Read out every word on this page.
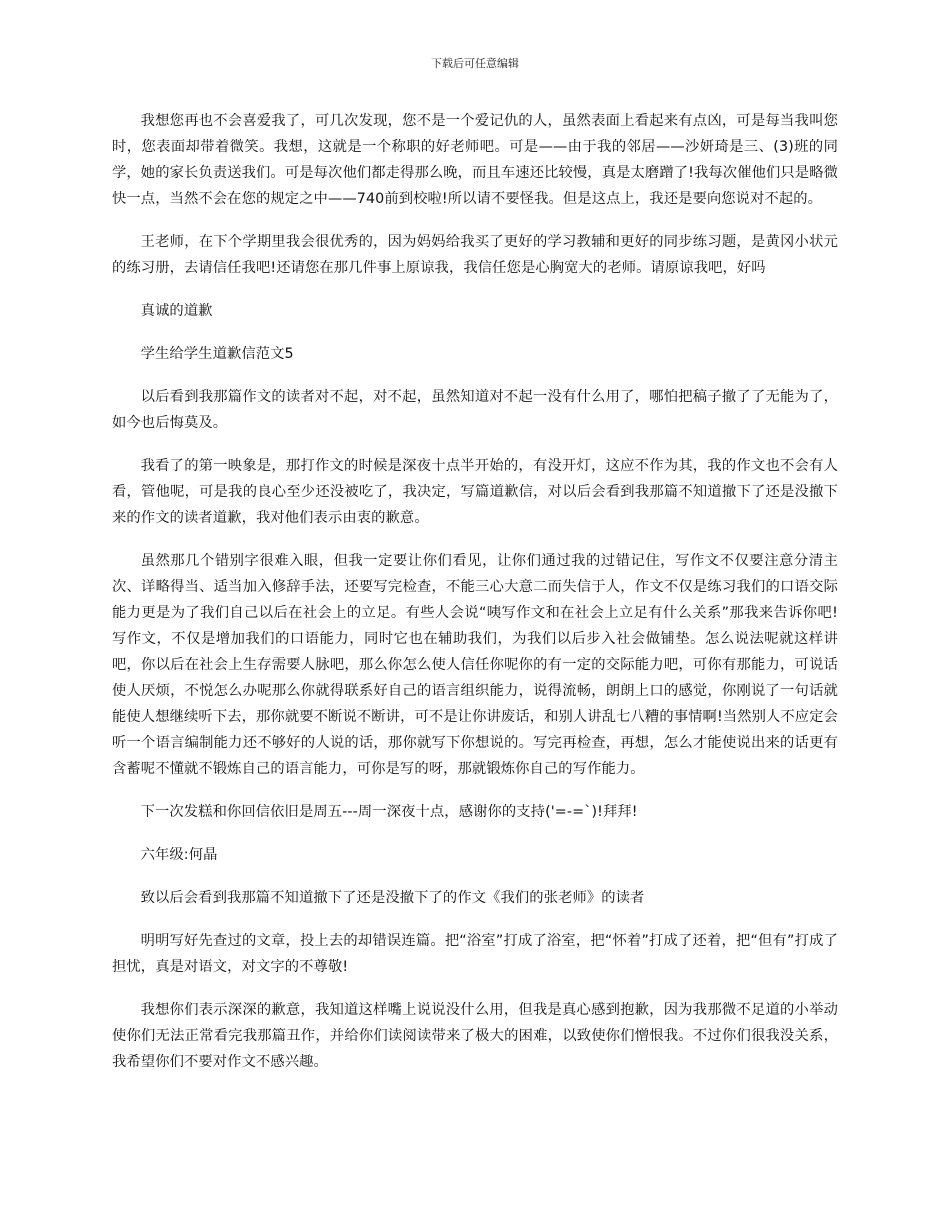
下载后可任意编辑

我想您再也不会喜爱我了，可几次发现，您不是一个爱记仇的人，虽然表面上看起来有点凶，可是每当我叫您时，您表面却带着微笑。我想，这就是一个称职的好老师吧。可是——由于我的邻居——沙妍琦是三、(3)班的同学，她的家长负责送我们。可是每次他们都走得那么晚，而且车速还比较慢，真是太磨蹭了!我每次催他们只是略微快一点，当然不会在您的规定之中——740前到校啦!所以请不要怪我。但是这点上，我还是要向您说对不起的。

王老师，在下个学期里我会很优秀的，因为妈妈给我买了更好的学习教辅和更好的同步练习题，是黄冈小状元的练习册，去请信任我吧!还请您在那几件事上原谅我，我信任您是心胸宽大的老师。请原谅我吧，好吗

真诚的道歉

学生给学生道歉信范文5

以后看到我那篇作文的读者对不起，对不起，虽然知道对不起一没有什么用了，哪怕把稿子撤了了无能为了，如今也后悔莫及。

我看了的第一映象是，那打作文的时候是深夜十点半开始的，有没开灯，这应不作为其，我的作文也不会有人看，管他呢，可是我的良心至少还没被吃了，我决定，写篇道歉信，对以后会看到我那篇不知道撤下了还是没撤下来的作文的读者道歉，我对他们表示由衷的歉意。

虽然那几个错别字很难入眼，但我一定要让你们看见，让你们通过我的过错记住，写作文不仅要注意分清主次、详略得当、适当加入修辞手法，还要写完检查，不能三心大意二而失信于人，作文不仅是练习我们的口语交际能力更是为了我们自己以后在社会上的立足。有些人会说“咦写作文和在社会上立足有什么关系”那我来告诉你吧!写作文，不仅是增加我们的口语能力，同时它也在辅助我们，为我们以后步入社会做铺垫。怎么说法呢就这样讲吧，你以后在社会上生存需要人脉吧，那么你怎么使人信任你呢你的有一定的交际能力吧，可你有那能力，可说话使人厌烦，不悦怎么办呢那么你就得联系好自己的语言组织能力，说得流畅，朗朗上口的感觉，你刚说了一句话就能使人想继续听下去，那你就要不断说不断讲，可不是让你讲废话，和别人讲乱七八糟的事情啊!当然别人不应定会听一个语言编制能力还不够好的人说的话，那你就写下你想说的。写完再检查，再想，怎么才能使说出来的话更有含蓄呢不懂就不锻炼自己的语言能力，可你是写的呀，那就锻炼你自己的写作能力。

下一次发糕和你回信依旧是周五---周一深夜十点，感谢你的支持('=-=`)!拜拜!

六年级:何晶

致以后会看到我那篇不知道撤下了还是没撤下了的作文《我们的张老师》的读者

明明写好先查过的文章，投上去的却错误连篇。把“浴室”打成了浴室，把“怀着”打成了还着，把“但有”打成了担忧，真是对语文，对文字的不尊敬!

我想你们表示深深的歉意，我知道这样嘴上说说没什么用，但我是真心感到抱歉，因为我那微不足道的小举动使你们无法正常看完我那篇丑作，并给你们读阅读带来了极大的困难，以致使你们憎恨我。不过你们很我没关系，我希望你们不要对作文不感兴趣。
